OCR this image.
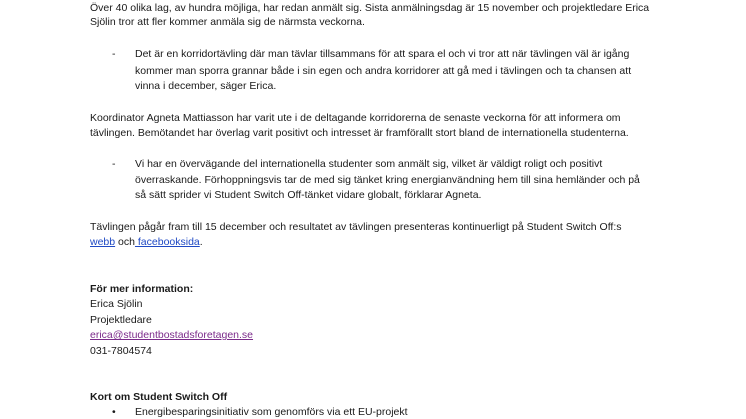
Över 40 olika lag, av hundra möjliga, har redan anmält sig. Sista anmälningsdag är 15 november och projektledare Erica
Sjölin tror att fler kommer anmäla sig de närmsta veckorna.
- Det är en korridortävling där man tävlar tillsammans för att spara el och vi tror att när tävlingen väl är igång
kommer man sporra grannar både i sin egen och andra korridorer att gå med i tävlingen och ta chansen att
vinna i december, säger Erica.
Koordinator Agneta Mattiasson har varit ute i de deltagande korridorerna de senaste veckorna för att informera om
tävlingen. Bemötandet har överlag varit positivt och intresset är framförallt stort bland de internationella studenterna.
- Vi har en övervägande del internationella studenter som anmält sig, vilket är väldigt roligt och positivt
överraskande. Förhoppningsvis tar de med sig tänket kring energianvändning hem till sina hemländer och på
så sätt sprider vi Student Switch Off-tänket vidare globalt, förklarar Agneta.
Tävlingen pågår fram till 15 december och resultatet av tävlingen presenteras kontinuerligt på Student Switch Off:s
webb och facebooksida.
För mer information:
Erica Sjölin
Projektledare
erica@studentbostadsforetagen.se
031-7804574
Kort om Student Switch Off
• Energibesparingsinitiativ som genomförs via ett EU-projekt
